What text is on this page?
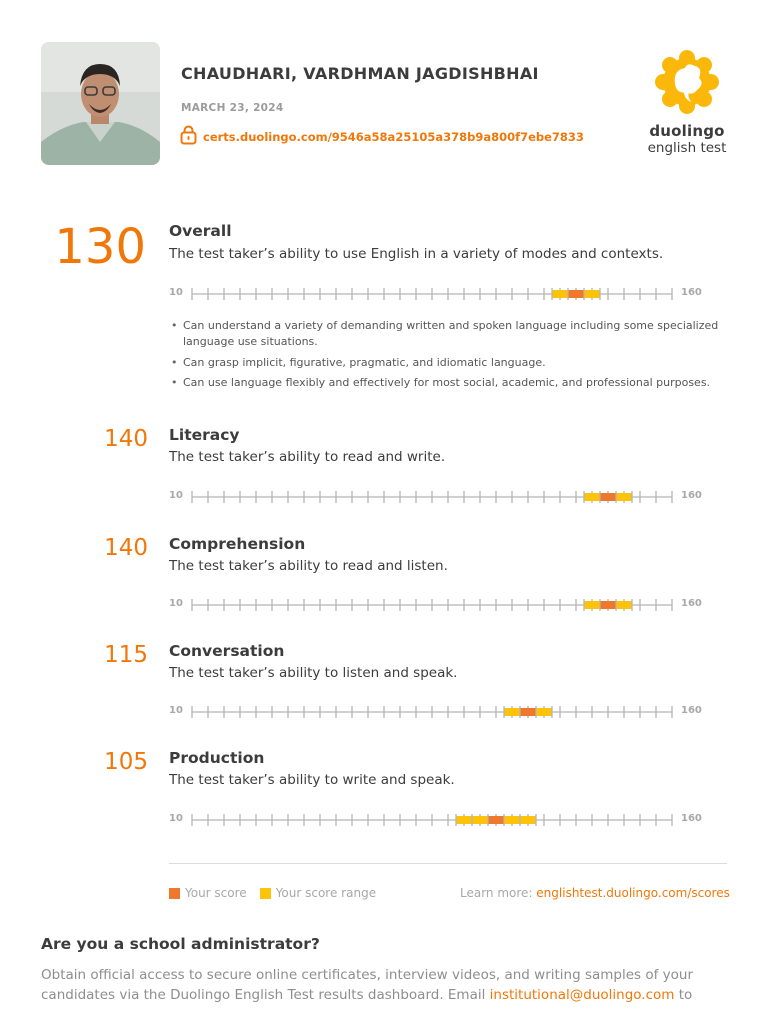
CHAUDHARI, VARDHMAN JAGDISHBHAI
MARCH 23, 2024
certs.duolingo.com/9546a58a25105a378b9a800f7ebe7833	duolingo
english test
130 Overall
The test taker’s ability to use English in a variety of modes and contexts.
10	160
• Can understand a variety of demanding written and spoken language including some specialized language use situations.
• Can grasp implicit, figurative, pragmatic, and idiomatic language.
• Can use language flexibly and effectively for most social, academic, and professional purposes.
140 Literacy
The test taker’s ability to read and write.
10	160
140 Comprehension
The test taker’s ability to read and listen.
10	160
115 Conversation
The test taker’s ability to listen and speak.
10	160
105 Production
The test taker’s ability to write and speak.
10	160
Your score Your score range	Learn more: englishtest.duolingo.com/scores
Are you a school administrator?
Obtain official access to secure online certificates, interview videos, and writing samples of your candidates via the Duolingo English Test results dashboard. Email institutional@duolingo.com to
